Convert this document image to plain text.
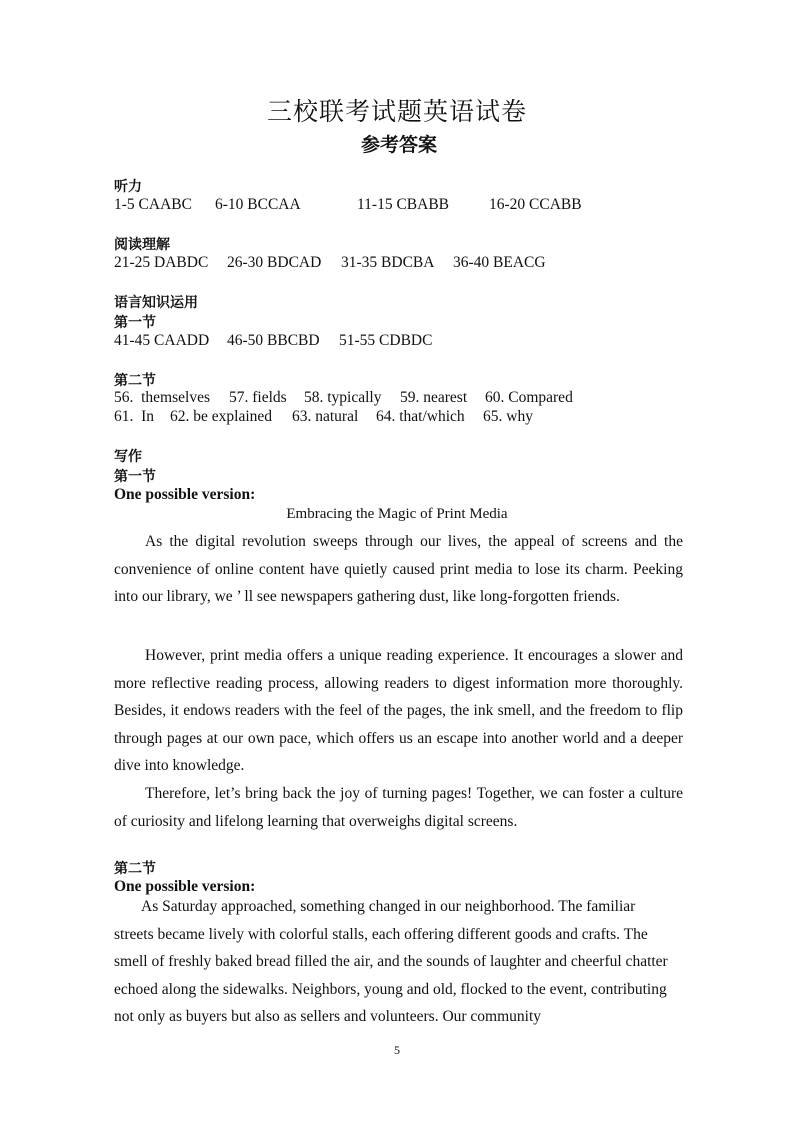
三校联考试题英语试卷
参考答案
听力
1-5 CAABC 6-10 BCCAA	11-15 CBABB	16-20 CCABB
阅读理解
21-25 DABDC 26-30 BDCAD 31-35 BDCBA 36-40 BEACG
语言知识运用
第一节
41-45 CAADD 46-50 BBCBD 51-55 CDBDC
第二节
56.  themselves 57. fields 58. typically 59. nearest 60. Compared
61.  In 62. be explained 63. natural 64. that/which 65. why
写作
第一节
One possible version:
Embracing the Magic of Print Media
As the digital revolution sweeps through our lives, the appeal of screens and the convenience of online content have quietly caused print media to lose its charm. Peeking into our library, we ’ ll see newspapers gathering dust, like long-forgotten friends.
However, print media offers a unique reading experience. It encourages a slower and more reflective reading process, allowing readers to digest information more thoroughly. Besides, it endows readers with the feel of the pages, the ink smell, and the freedom to flip through pages at our own pace, which offers us an escape into another world and a deeper dive into knowledge.
Therefore, let’s bring back the joy of turning pages! Together, we can foster a culture of curiosity and lifelong learning that overweighs digital screens.
第二节
One possible version:
As Saturday approached, something changed in our neighborhood. The familiar streets became lively with colorful stalls, each offering different goods and crafts. The smell of freshly baked bread filled the air, and the sounds of laughter and cheerful chatter echoed along the sidewalks. Neighbors, young and old, flocked to the event, contributing not only as buyers but also as sellers and volunteers. Our community
5
